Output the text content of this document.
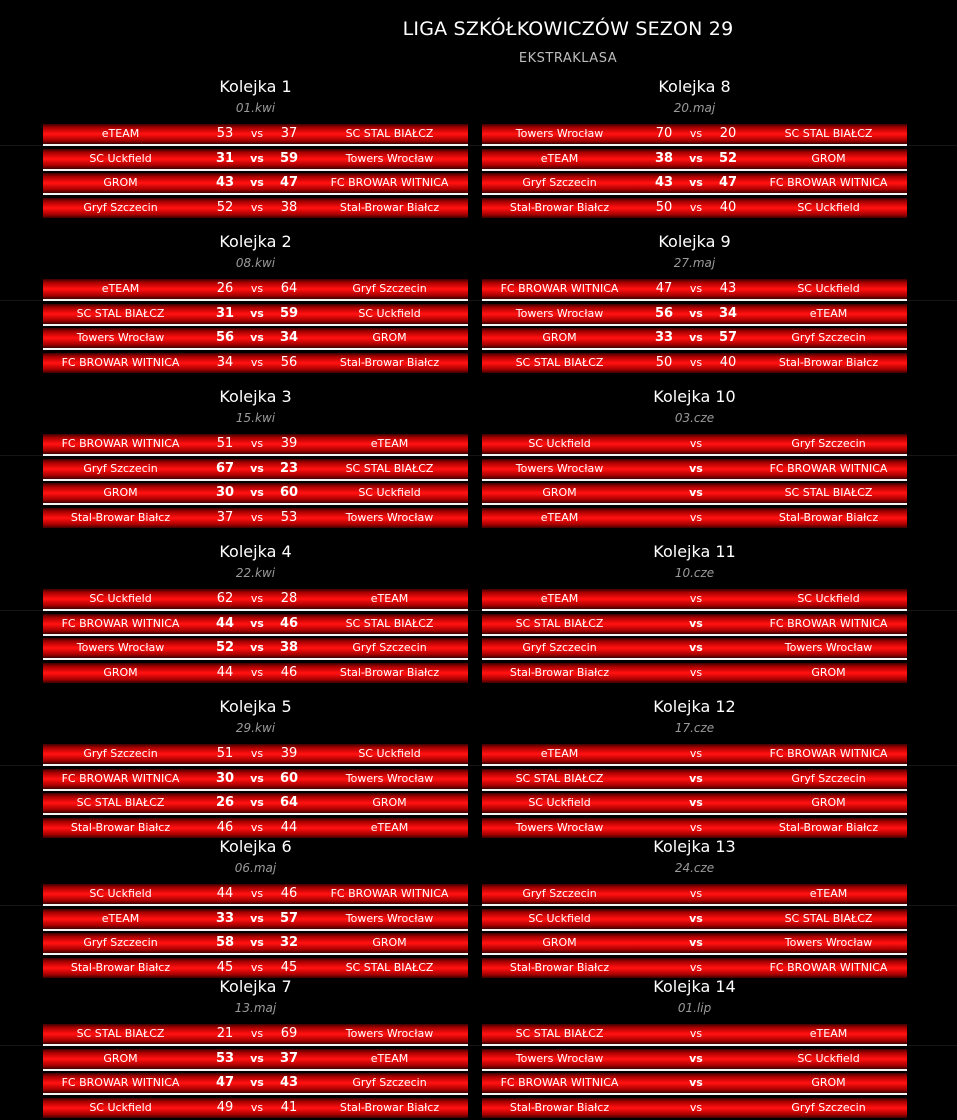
LIGA SZKÓŁKOWICZÓW SEZON 29
EKSTRAKLASA
Kolejka 1
01.kwi
eTEAM	53	vs	37	SC STAL BIAŁCZ
SC Uckfield	31	vs	59	Towers Wrocław
GROM	43	vs	47	FC BROWAR WITNICA
Gryf Szczecin	52	vs	38	Stal-Browar Białcz
Kolejka 2
08.kwi
eTEAM	26	vs	64	Gryf Szczecin
SC STAL BIAŁCZ	31	vs	59	SC Uckfield
Towers Wrocław	56	vs	34	GROM
FC BROWAR WITNICA	34	vs	56	Stal-Browar Białcz
Kolejka 3
15.kwi
FC BROWAR WITNICA	51	vs	39	eTEAM
Gryf Szczecin	67	vs	23	SC STAL BIAŁCZ
GROM	30	vs	60	SC Uckfield
Stal-Browar Białcz	37	vs	53	Towers Wrocław
Kolejka 4
22.kwi
SC Uckfield	62	vs	28	eTEAM
FC BROWAR WITNICA	44	vs	46	SC STAL BIAŁCZ
Towers Wrocław	52	vs	38	Gryf Szczecin
GROM	44	vs	46	Stal-Browar Białcz
Kolejka 5
29.kwi
Gryf Szczecin	51	vs	39	SC Uckfield
FC BROWAR WITNICA	30	vs	60	Towers Wrocław
SC STAL BIAŁCZ	26	vs	64	GROM
Stal-Browar Białcz	46	vs	44	eTEAM
Kolejka 6
06.maj
SC Uckfield	44	vs	46	FC BROWAR WITNICA
eTEAM	33	vs	57	Towers Wrocław
Gryf Szczecin	58	vs	32	GROM
Stal-Browar Białcz	45	vs	45	SC STAL BIAŁCZ
Kolejka 7
13.maj
SC STAL BIAŁCZ	21	vs	69	Towers Wrocław
GROM	53	vs	37	eTEAM
FC BROWAR WITNICA	47	vs	43	Gryf Szczecin
SC Uckfield	49	vs	41	Stal-Browar Białcz
Kolejka 8
20.maj
Towers Wrocław	70	vs	20	SC STAL BIAŁCZ
eTEAM	38	vs	52	GROM
Gryf Szczecin	43	vs	47	FC BROWAR WITNICA
Stal-Browar Białcz	50	vs	40	SC Uckfield
Kolejka 9
27.maj
FC BROWAR WITNICA	47	vs	43	SC Uckfield
Towers Wrocław	56	vs	34	eTEAM
GROM	33	vs	57	Gryf Szczecin
SC STAL BIAŁCZ	50	vs	40	Stal-Browar Białcz
Kolejka 10
03.cze
SC Uckfield	vs	Gryf Szczecin
Towers Wrocław	vs	FC BROWAR WITNICA
GROM	vs	SC STAL BIAŁCZ
eTEAM	vs	Stal-Browar Białcz
Kolejka 11
10.cze
eTEAM	vs	SC Uckfield
SC STAL BIAŁCZ	vs	FC BROWAR WITNICA
Gryf Szczecin	vs	Towers Wrocław
Stal-Browar Białcz	vs	GROM
Kolejka 12
17.cze
eTEAM	vs	FC BROWAR WITNICA
SC STAL BIAŁCZ	vs	Gryf Szczecin
SC Uckfield	vs	GROM
Towers Wrocław	vs	Stal-Browar Białcz
Kolejka 13
24.cze
Gryf Szczecin	vs	eTEAM
SC Uckfield	vs	SC STAL BIAŁCZ
GROM	vs	Towers Wrocław
Stal-Browar Białcz	vs	FC BROWAR WITNICA
Kolejka 14
01.lip
SC STAL BIAŁCZ	vs	eTEAM
Towers Wrocław	vs	SC Uckfield
FC BROWAR WITNICA	vs	GROM
Stal-Browar Białcz	vs	Gryf Szczecin
